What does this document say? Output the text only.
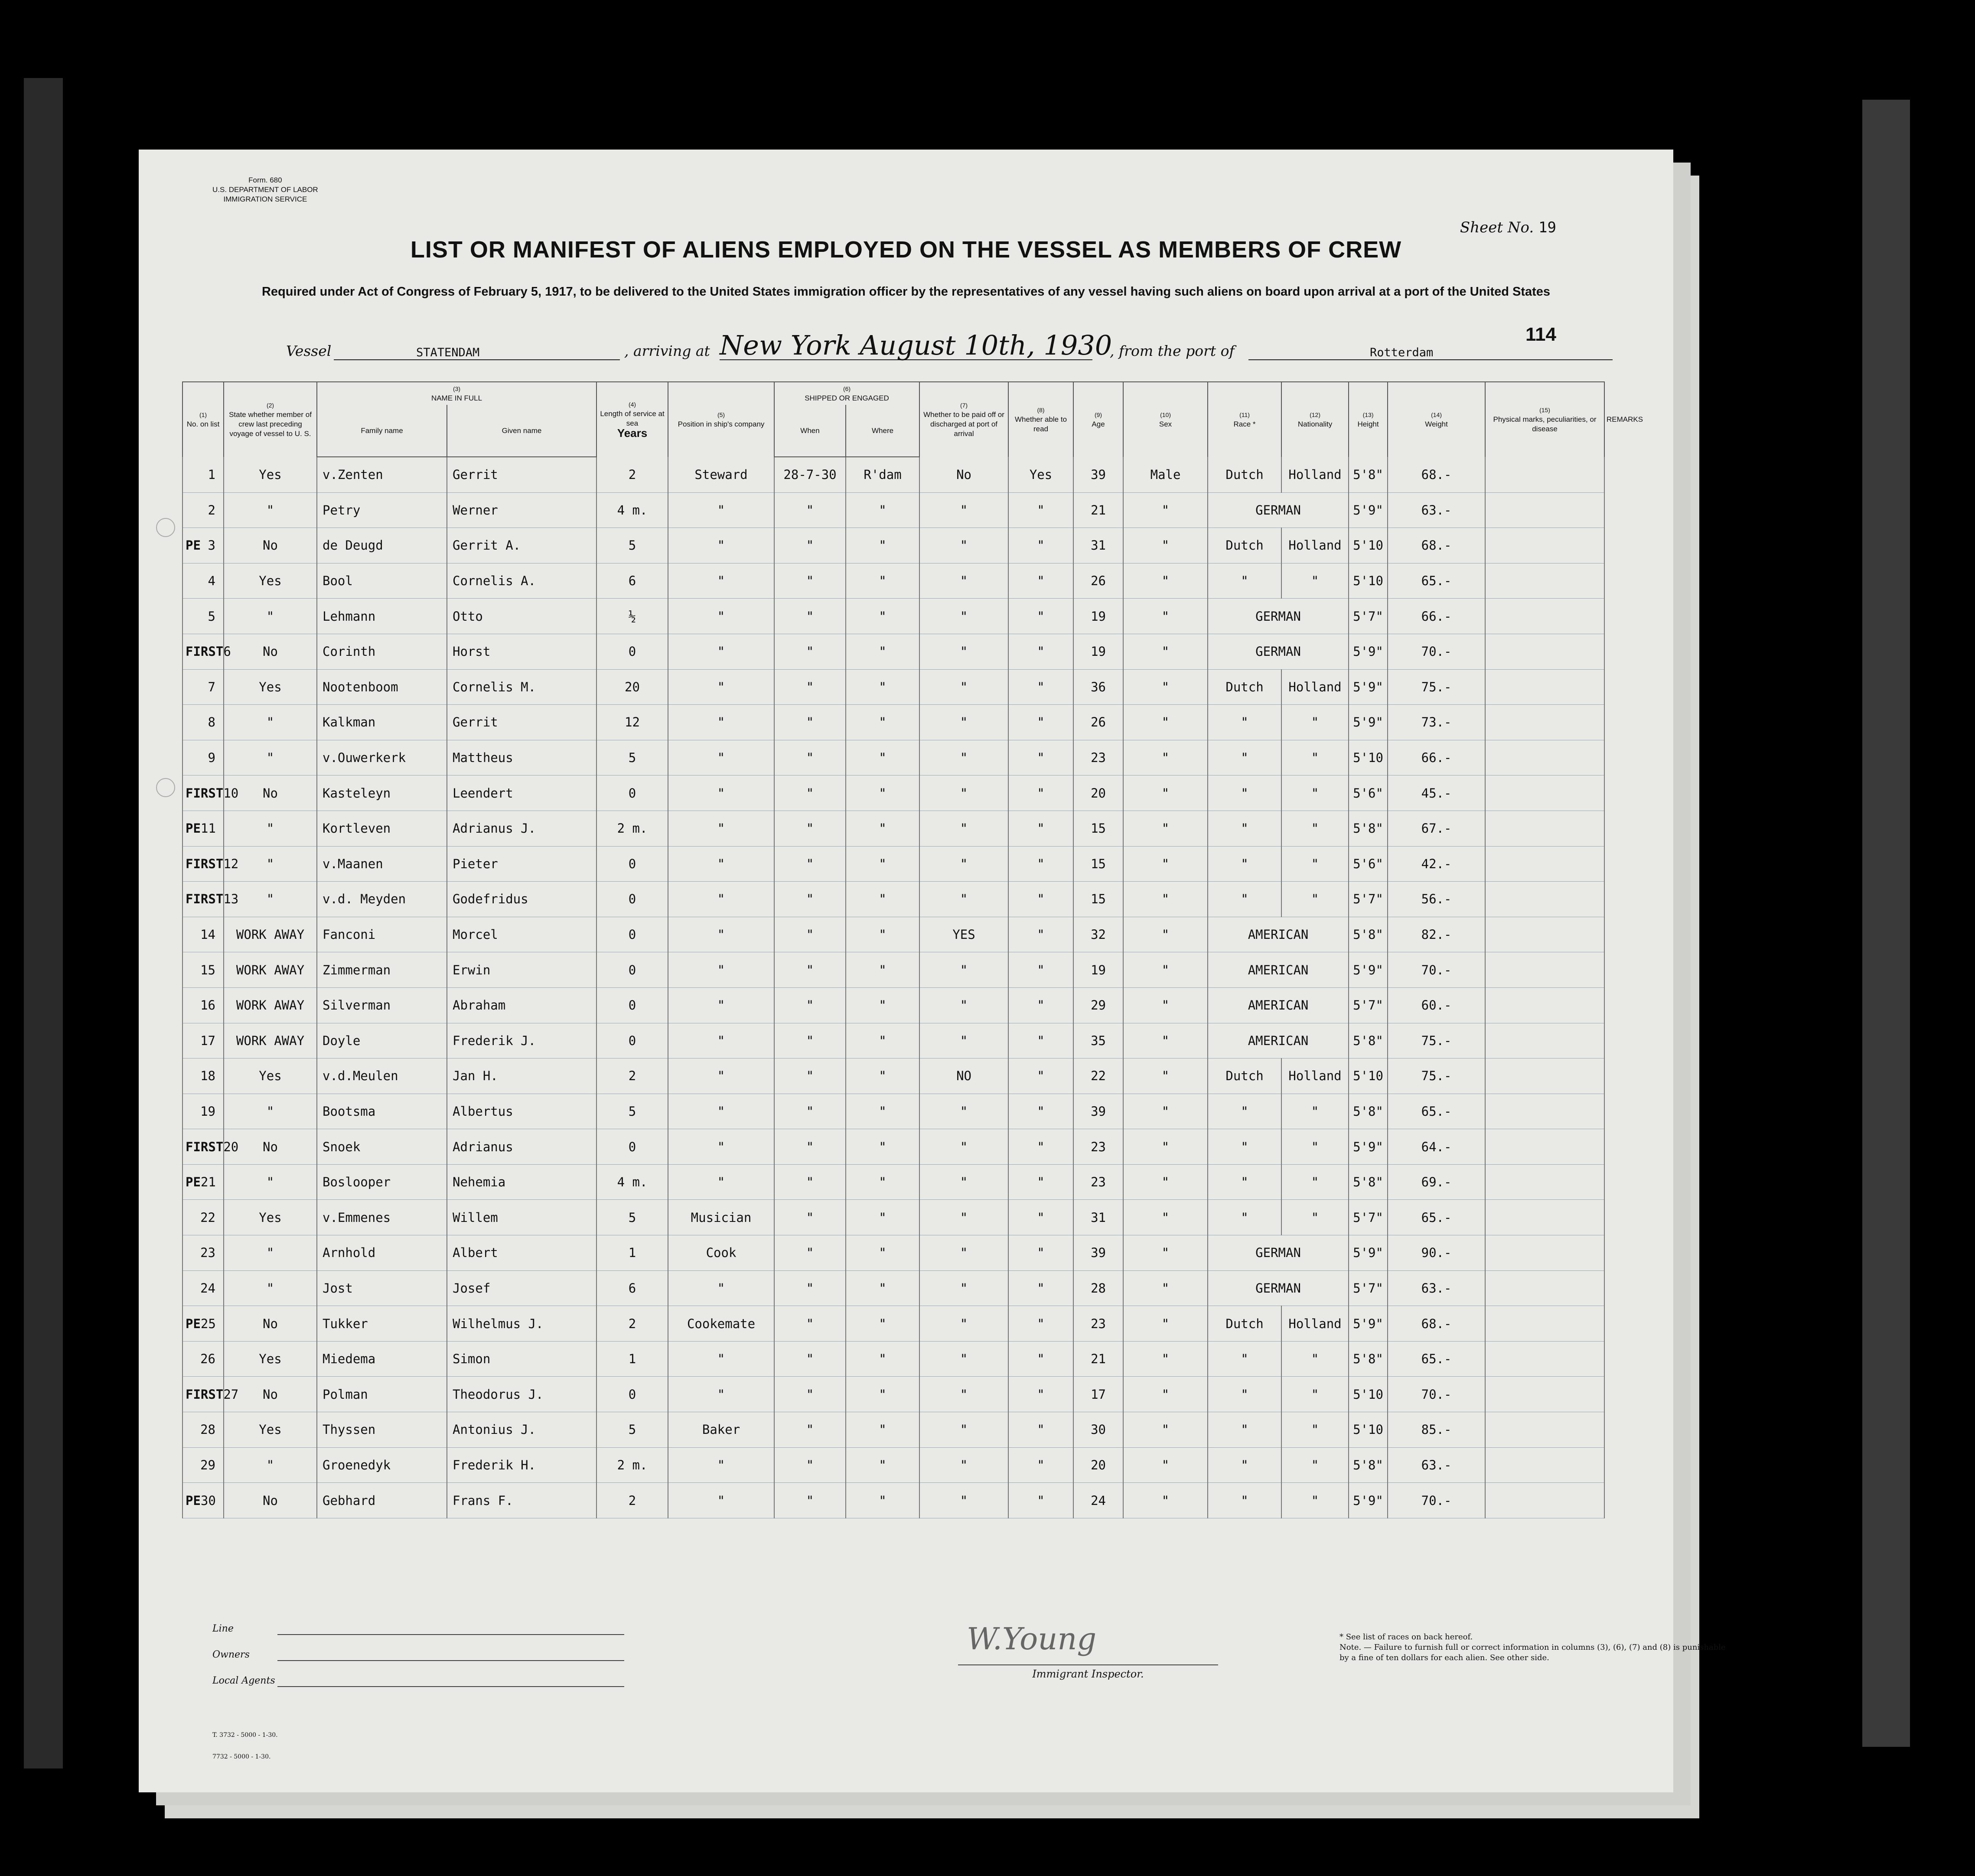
Form. 680
U.S. DEPARTMENT OF LABOR
IMMIGRATION SERVICE
Sheet No. 19
LIST OR MANIFEST OF ALIENS EMPLOYED ON THE VESSEL AS MEMBERS OF CREW
Required under Act of Congress of February 5, 1917, to be delivered to the United States immigration officer by the representatives of any vessel having such aliens on board upon arrival at a port of the United States
114
Vessel	STATENDAM	, arriving at New York August 10th, 1930
, from the port of	Rotterdam
(1)
No. on list	(2)
State whether member of crew last preceding voyage of vessel to U. S.	(3)
NAME IN FULL		(4)
Length of service at sea
Years	(5)
Position in ship's company	(6)
SHIPPED OR ENGAGED		(7)
Whether to be paid off or discharged at port of arrival	(8)
Whether able to read	(9)
Age	(10)
Sex	(11)
Race *	(12)
Nationality	(13)
Height	(14)
Weight	(15)
Physical marks, peculiarities, or disease	REMARKS
		Family name	Given name			When	Where										

1	Yes	v.Zenten	Gerrit	2	Steward	28-7-30	R'dam	No	Yes	39	Male	Dutch	Holland	5'8"	68.-		

2	"	Petry	Werner	4 m.	"	"	"	"	"	21	"	GERMAN		5'9"	63.-		

PE 3	No	de Deugd	Gerrit A.	5	"	"	"	"	"	31	"	Dutch	Holland	5'10	68.-		

4	Yes	Bool	Cornelis A.	6	"	"	"	"	"	26	"	"	"	5'10	65.-		

5	"	Lehmann	Otto	½	"	"	"	"	"	19	"	GERMAN		5'7"	66.-		

FIRST 6	No	Corinth	Horst	0	"	"	"	"	"	19	"	GERMAN		5'9"	70.-		

7	Yes	Nootenboom	Cornelis M.	20	"	"	"	"	"	36	"	Dutch	Holland	5'9"	75.-		

8	"	Kalkman	Gerrit	12	"	"	"	"	"	26	"	"	"	5'9"	73.-		

9	"	v.Ouwerkerk	Mattheus	5	"	"	"	"	"	23	"	"	"	5'10	66.-		

FIRST 10	No	Kasteleyn	Leendert	0	"	"	"	"	"	20	"	"	"	5'6"	45.-		

PE 11	"	Kortleven	Adrianus J.	2 m.	"	"	"	"	"	15	"	"	"	5'8"	67.-		

FIRST 12	"	v.Maanen	Pieter	0	"	"	"	"	"	15	"	"	"	5'6"	42.-		

FIRST 13	"	v.d. Meyden	Godefridus	0	"	"	"	"	"	15	"	"	"	5'7"	56.-		

14	WORK AWAY	Fanconi	Morcel	0	"	"	"	YES	"	32	"	AMERICAN		5'8"	82.-		

15	WORK AWAY	Zimmerman	Erwin	0	"	"	"	"	"	19	"	AMERICAN		5'9"	70.-		

16	WORK AWAY	Silverman	Abraham	0	"	"	"	"	"	29	"	AMERICAN		5'7"	60.-		

17	WORK AWAY	Doyle	Frederik J.	0	"	"	"	"	"	35	"	AMERICAN		5'8"	75.-		

18	Yes	v.d.Meulen	Jan H.	2	"	"	"	NO	"	22	"	Dutch	Holland	5'10	75.-		

19	"	Bootsma	Albertus	5	"	"	"	"	"	39	"	"	"	5'8"	65.-		

FIRST 20	No	Snoek	Adrianus	0	"	"	"	"	"	23	"	"	"	5'9"	64.-		

PE 21	"	Boslooper	Nehemia	4 m.	"	"	"	"	"	23	"	"	"	5'8"	69.-		

22	Yes	v.Emmenes	Willem	5	Musician	"	"	"	"	31	"	"	"	5'7"	65.-		

23	"	Arnhold	Albert	1	Cook	"	"	"	"	39	"	GERMAN		5'9"	90.-		

24	"	Jost	Josef	6	"	"	"	"	"	28	"	GERMAN		5'7"	63.-		

PE 25	No	Tukker	Wilhelmus J.	2	Cookemate	"	"	"	"	23	"	Dutch	Holland	5'9"	68.-		

26	Yes	Miedema	Simon	1	"	"	"	"	"	21	"	"	"	5'8"	65.-		

FIRST 27	No	Polman	Theodorus J.	0	"	"	"	"	"	17	"	"	"	5'10	70.-		

28	Yes	Thyssen	Antonius J.	5	Baker	"	"	"	"	30	"	"	"	5'10	85.-		

29	"	Groenedyk	Frederik H.	2 m.	"	"	"	"	"	20	"	"	"	5'8"	63.-		

PE 30	No	Gebhard	Frans F.	2	"	"	"	"	"	24	"	"	"	5'9"	70.-		
Line
Owners
Local Agents
W.Young
Immigrant Inspector.
* See list of races on back hereof.
Note. — Failure to furnish full or correct information in columns (3), (6), (7) and (8) is punishable by a fine of ten dollars for each alien. See other side.
T. 3732 - 5000 - 1-30.
7732 - 5000 - 1-30.
